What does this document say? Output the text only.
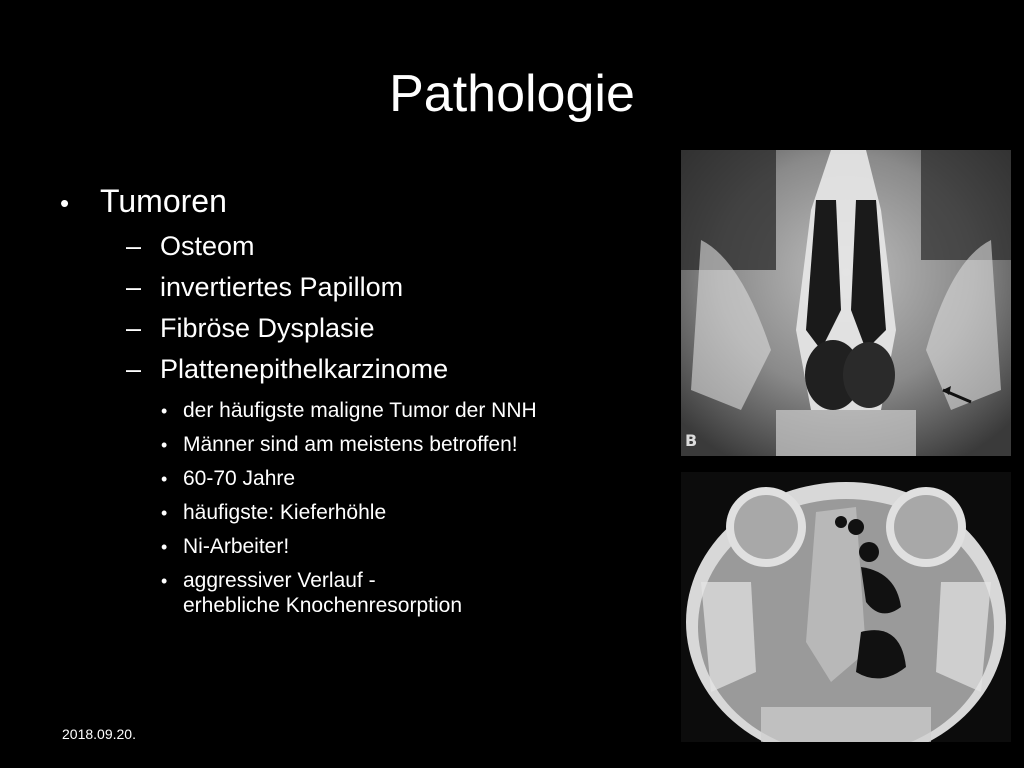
Pathologie
• Tumoren
– Osteom
– invertiertes Papillom
– Fibröse Dysplasie
– Plattenepithelkarzinome
• der häufigste maligne Tumor der NNH
• Männer sind am meistens betroffen!
• 60-70 Jahre
• häufigste: Kieferhöhle
• Ni-Arbeiter!
• aggressiver Verlauf -
erhebliche Knochenresorption
B
2018.09.20.
